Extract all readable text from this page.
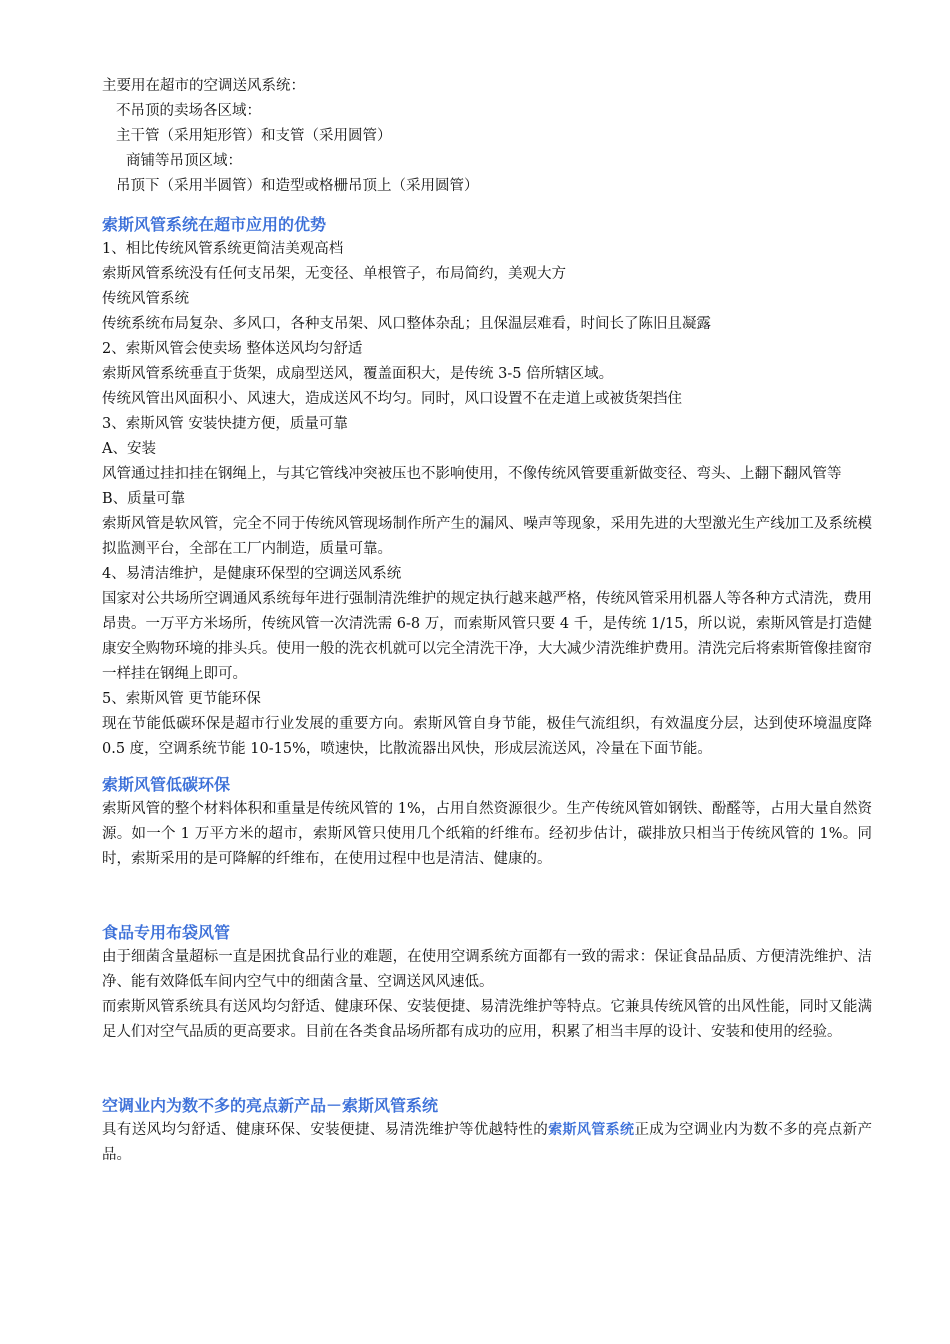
主要用在超市的空调送风系统：
不吊顶的卖场各区域：
主干管（采用矩形管）和支管（采用圆管）
商铺等吊顶区域：
吊顶下（采用半圆管）和造型或格栅吊顶上（采用圆管）
索斯风管系统在超市应用的优势
1、相比传统风管系统更简洁美观高档
索斯风管系统没有任何支吊架，无变径、单根管子，布局简约，美观大方
传统风管系统
传统系统布局复杂、多风口，各种支吊架、风口整体杂乱；且保温层难看，时间长了陈旧且凝露
2、索斯风管会使卖场 整体送风均匀舒适
索斯风管系统垂直于货架，成扇型送风，覆盖面积大，是传统 3-5 倍所辖区域。
传统风管出风面积小、风速大，造成送风不均匀。同时，风口设置不在走道上或被货架挡住
3、索斯风管 安装快捷方便，质量可靠
A、安装
风管通过挂扣挂在钢绳上，与其它管线冲突被压也不影响使用，不像传统风管要重新做变径、弯头、上翻下翻风管等
B、质量可靠
索斯风管是软风管，完全不同于传统风管现场制作所产生的漏风、噪声等现象，采用先进的大型激光生产线加工及系统模拟监测平台，全部在工厂内制造，质量可靠。
4、易清洁维护，是健康环保型的空调送风系统
国家对公共场所空调通风系统每年进行强制清洗维护的规定执行越来越严格，传统风管采用机器人等各种方式清洗，费用昂贵。一万平方米场所，传统风管一次清洗需 6-8 万，而索斯风管只要 4 千，是传统 1/15，所以说，索斯风管是打造健康安全购物环境的排头兵。使用一般的洗衣机就可以完全清洗干净，大大减少清洗维护费用。清洗完后将索斯管像挂窗帘一样挂在钢绳上即可。
5、索斯风管 更节能环保
现在节能低碳环保是超市行业发展的重要方向。索斯风管自身节能，极佳气流组织，有效温度分层，达到使环境温度降 0.5 度，空调系统节能 10-15%，喷速快，比散流器出风快，形成层流送风，冷量在下面节能。
索斯风管低碳环保
索斯风管的整个材料体积和重量是传统风管的 1%，占用自然资源很少。生产传统风管如钢铁、酚醛等，占用大量自然资源。如一个 1 万平方米的超市，索斯风管只使用几个纸箱的纤维布。经初步估计，碳排放只相当于传统风管的 1%。同时，索斯采用的是可降解的纤维布，在使用过程中也是清洁、健康的。
食品专用布袋风管
由于细菌含量超标一直是困扰食品行业的难题，在使用空调系统方面都有一致的需求：保证食品品质、方便清洗维护、洁净、能有效降低车间内空气中的细菌含量、空调送风风速低。
而索斯风管系统具有送风均匀舒适、健康环保、安装便捷、易清洗维护等特点。它兼具传统风管的出风性能，同时又能满足人们对空气品质的更高要求。目前在各类食品场所都有成功的应用，积累了相当丰厚的设计、安装和使用的经验。
空调业内为数不多的亮点新产品－索斯风管系统
具有送风均匀舒适、健康环保、安装便捷、易清洗维护等优越特性的索斯风管系统正成为空调业内为数不多的亮点新产品。
